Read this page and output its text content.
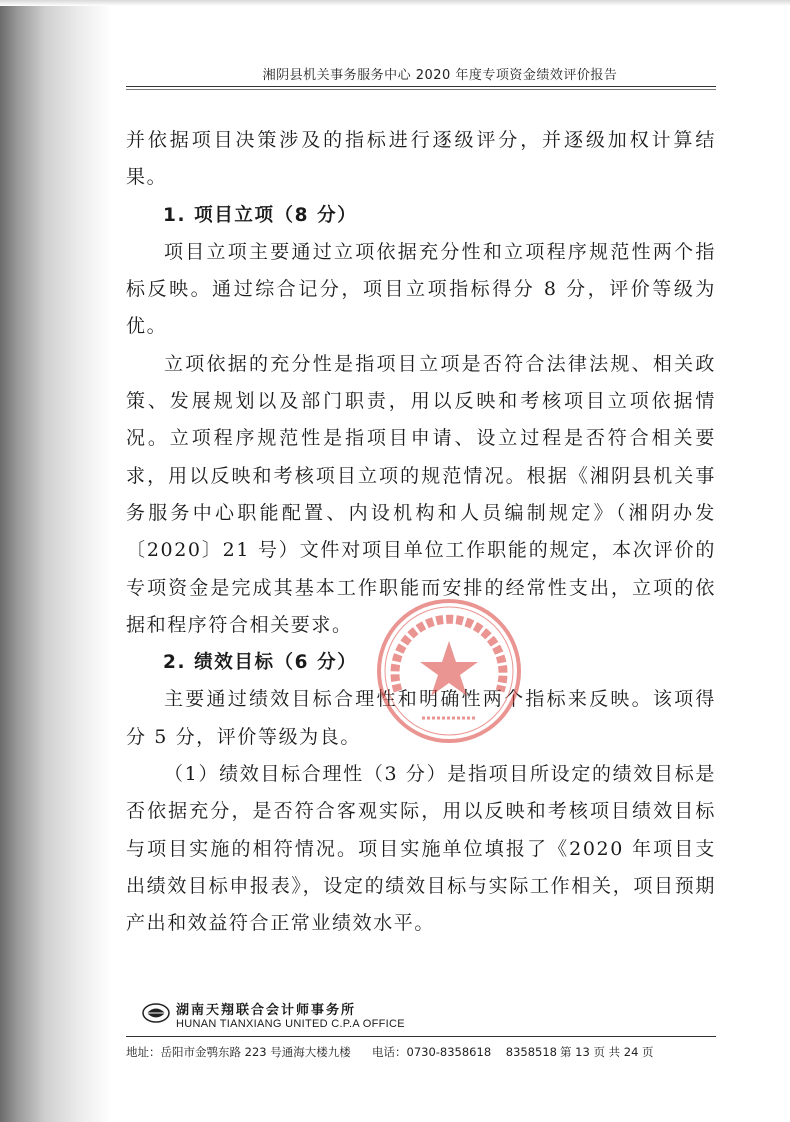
湘阴县机关事务服务中心 2020 年度专项资金绩效评价报告

并依据项目决策涉及的指标进行逐级评分，并逐级加权计算结果。

1. 项目立项（8 分）

项目立项主要通过立项依据充分性和立项程序规范性两个指标反映。通过综合记分，项目立项指标得分 8 分，评价等级为优。

立项依据的充分性是指项目立项是否符合法律法规、相关政策、发展规划以及部门职责，用以反映和考核项目立项依据情况。立项程序规范性是指项目申请、设立过程是否符合相关要求，用以反映和考核项目立项的规范情况。根据《湘阴县机关事务服务中心职能配置、内设机构和人员编制规定》（湘阴办发〔2020〕21 号）文件对项目单位工作职能的规定，本次评价的专项资金是完成其基本工作职能而安排的经常性支出，立项的依据和程序符合相关要求。

2. 绩效目标（6 分）

主要通过绩效目标合理性和明确性两个指标来反映。该项得分 5 分，评价等级为良。

（1）绩效目标合理性（3 分）是指项目所设定的绩效目标是否依据充分，是否符合客观实际，用以反映和考核项目绩效目标与项目实施的相符情况。项目实施单位填报了《2020 年项目支出绩效目标申报表》，设定的绩效目标与实际工作相关，项目预期产出和效益符合正常业绩效水平。

湖南天翔联合会计师事务所
HUNAN TIANXIANG UNITED C.P.A OFFICE
地址：岳阳市金鹗东路 223 号通海大楼九楼 电话：0730-8358618    8358518 第 13 页 共 24 页
